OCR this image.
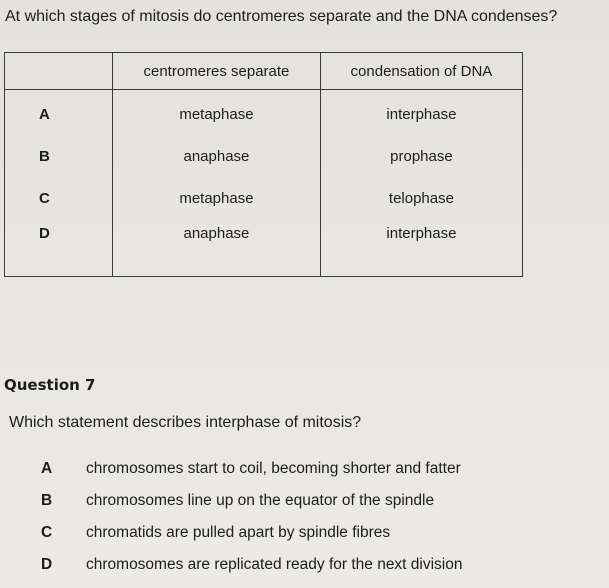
At which stages of mitosis do centromeres separate and the DNA condenses?
	centromeres separate	condensation of DNA
A	metaphase	interphase
B	anaphase	prophase
C	metaphase	telophase
D	anaphase	interphase
Question 7
Which statement describes interphase of mitosis?
A	chromosomes start to coil, becoming shorter and fatter
B	chromosomes line up on the equator of the spindle
C	chromatids are pulled apart by spindle fibres
D	chromosomes are replicated ready for the next division
